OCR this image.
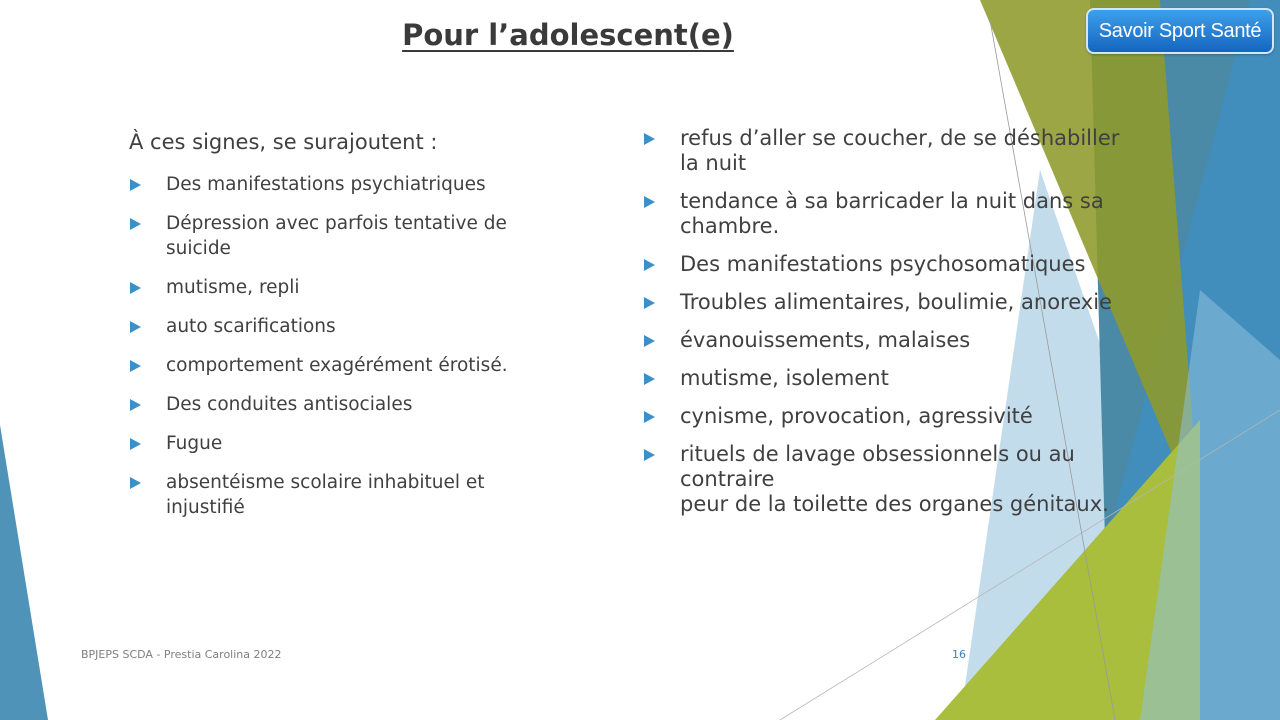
Pour l’adolescent(e)	Savoir Sport Santé

À ces signes, se surajoutent :

Des manifestations psychiatriques
Dépression avec parfois tentative de suicide
mutisme, repli
auto scarifications
comportement exagérément érotisé.
Des conduites antisociales
Fugue
absentéisme scolaire inhabituel et injustifié
refus d’aller se coucher, de se déshabiller la nuit
tendance à sa barricader la nuit dans sa chambre.
Des manifestations psychosomatiques
Troubles alimentaires, boulimie, anorexie
évanouissements, malaises
mutisme, isolement
cynisme, provocation, agressivité
rituels de lavage obsessionnels ou au contraire
peur de la toilette des organes génitaux.
BPJEPS SCDA - Prestia Carolina 2022	16
